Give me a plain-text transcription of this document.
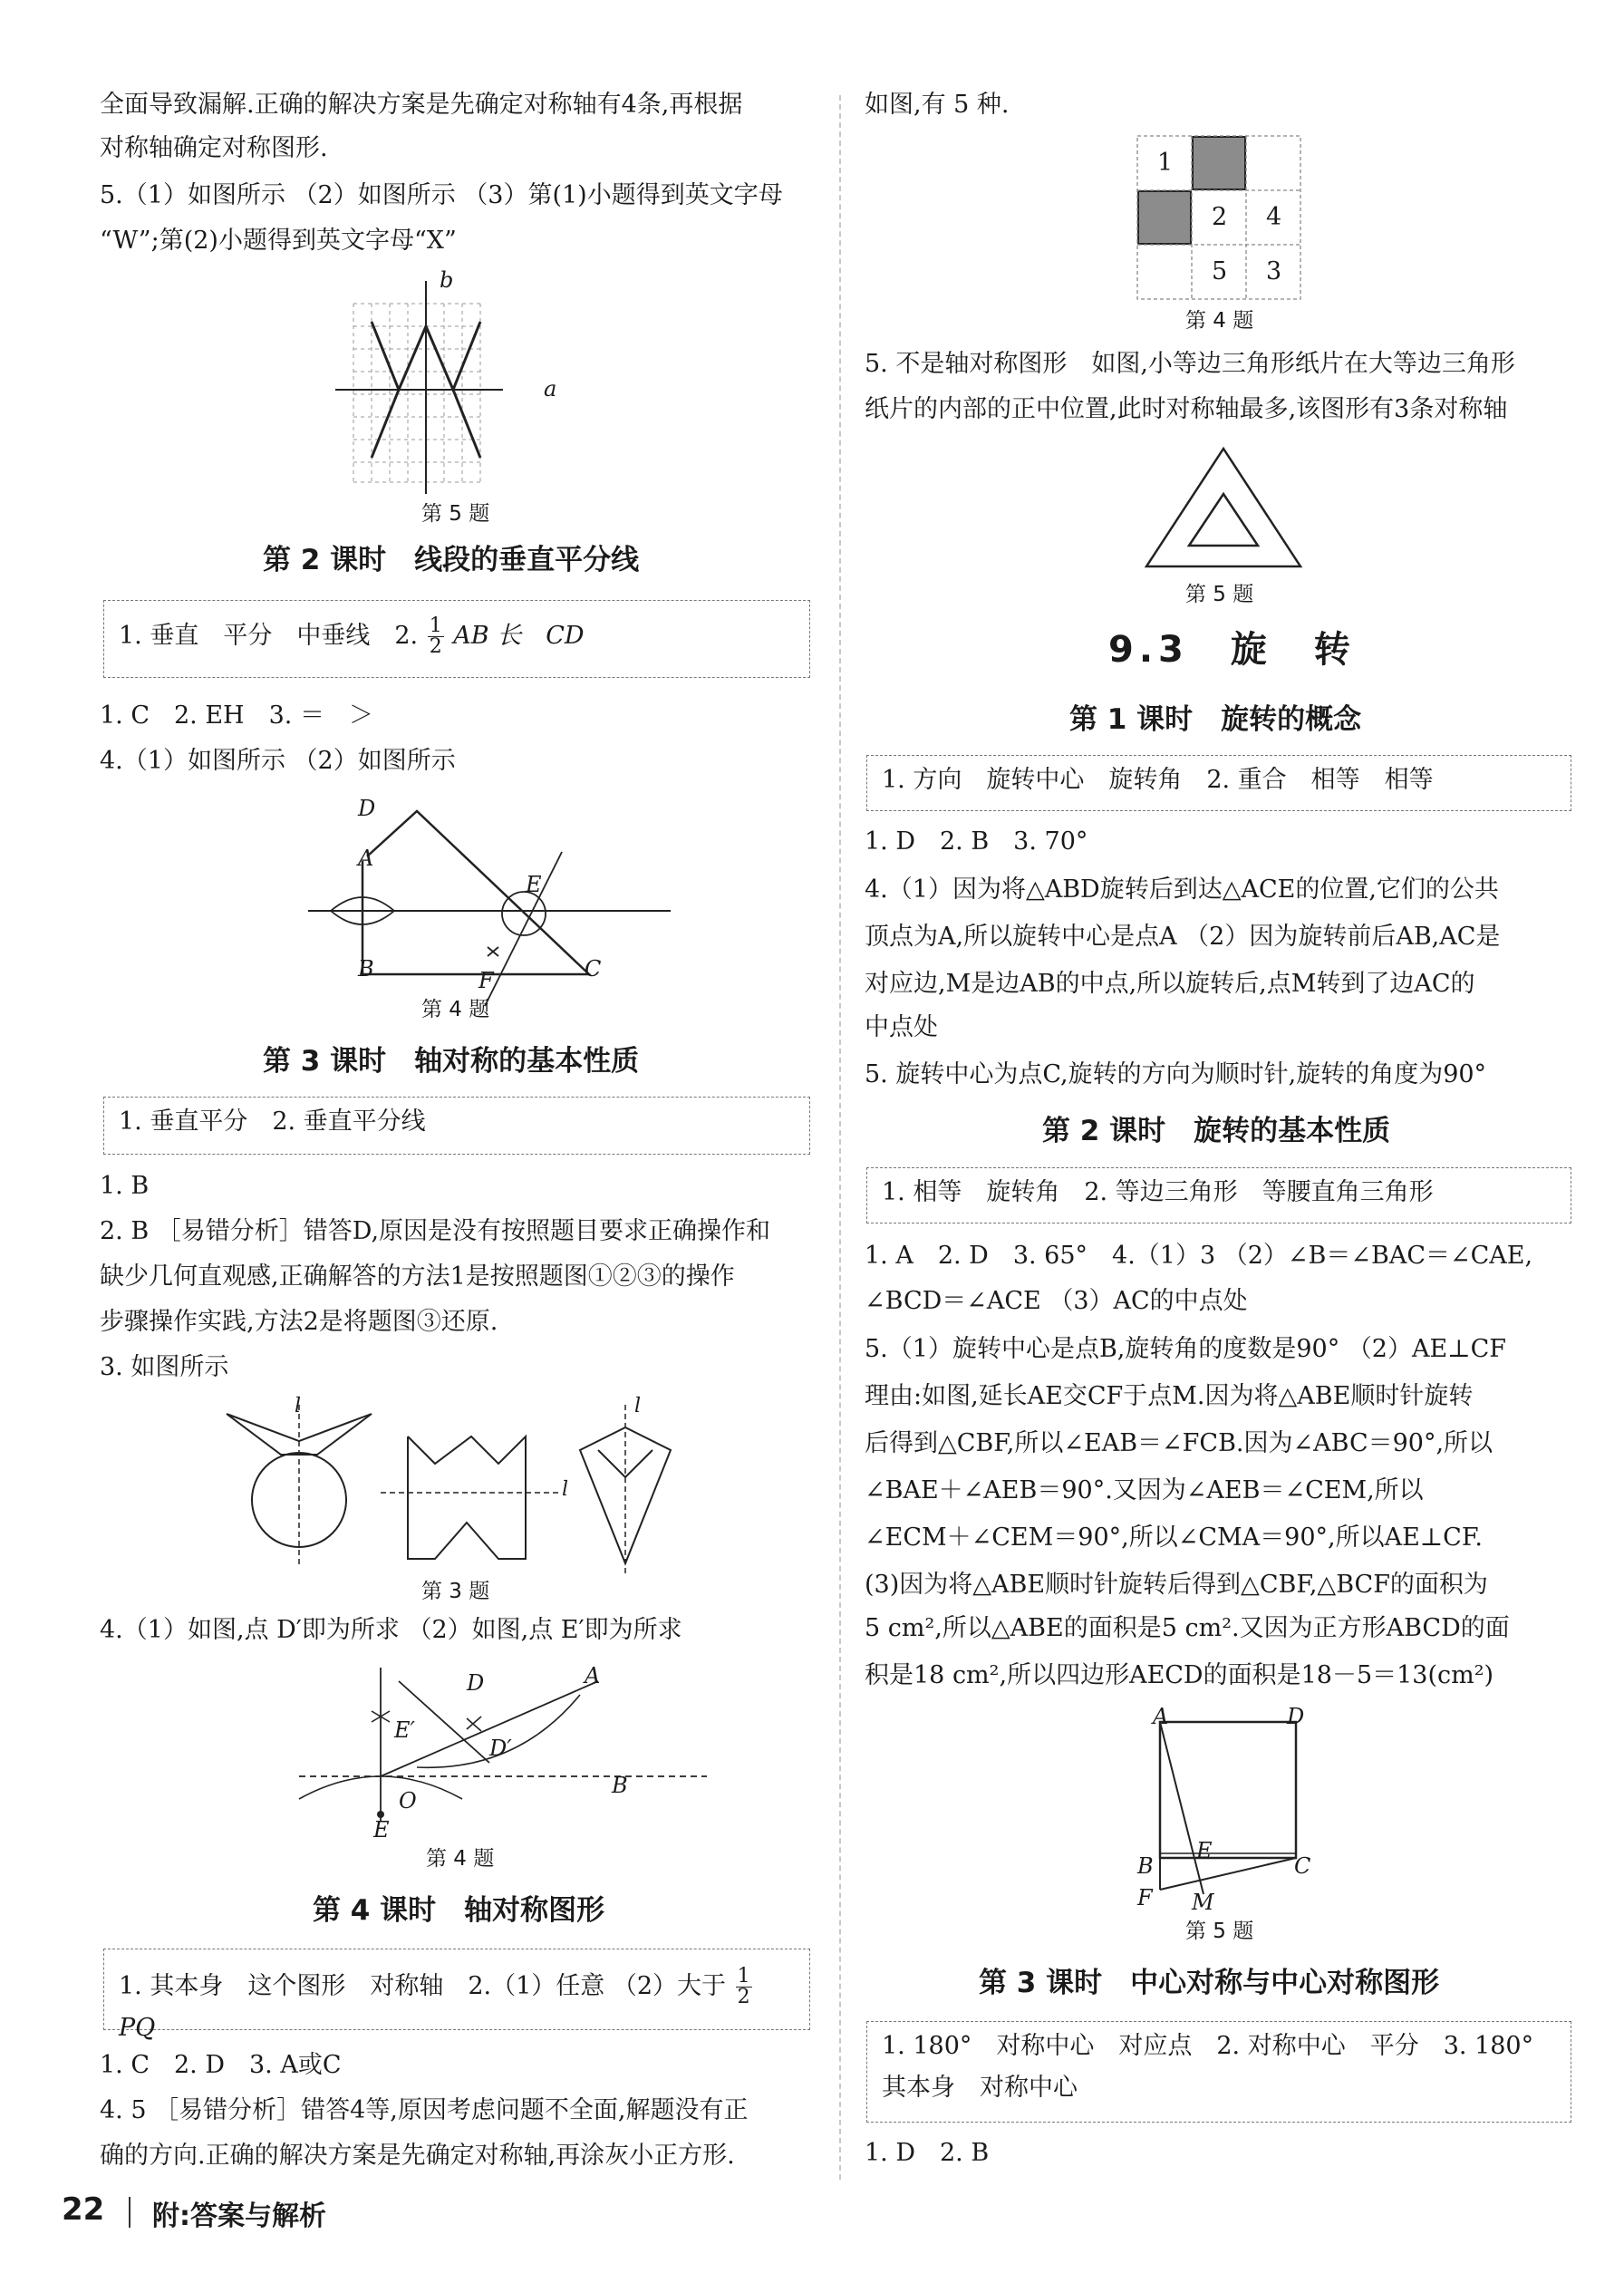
全面导致漏解.正确的解决方案是先确定对称轴有4条,再根据
对称轴确定对称图形.
5.（1）如图所示 （2）如图所示 （3）第(1)小题得到英文字母
“W”;第(2)小题得到英文字母“X”
b
a
第 5 题
第 2 课时　线段的垂直平分线
1. 垂直　平分　中垂线　2. $\frac{1}{2}$ AB 长　CD
1. C　2. EH　3. ＝　＞
4.（1）如图所示 （2）如图所示
D
A
E
B	F	C
第 4 题
第 3 课时　轴对称的基本性质
1. 垂直平分　2. 垂直平分线
1. B
2. B ［易错分析］错答D,原因是没有按照题目要求正确操作和
缺少几何直观感,正确解答的方法1是按照题图①②③的操作
步骤操作实践,方法2是将题图③还原.
3. 如图所示
l
l
l
第 3 题
4.（1）如图,点 D′即为所求 （2）如图,点 E′即为所求
D	A
E′
D′
B
O
E
第 4 题
第 4 课时　轴对称图形
1. 其本身　这个图形　对称轴　2.（1）任意 （2）大于 $\frac{1}{2}$
PQ
1. C　2. D　3. A或C
4. 5 ［易错分析］错答4等,原因考虑问题不全面,解题没有正
确的方向.正确的解决方案是先确定对称轴,再涂灰小正方形.
如图,有 5 种.
1
2 4
5 3
第 4 题
5. 不是轴对称图形　如图,小等边三角形纸片在大等边三角形
纸片的内部的正中位置,此时对称轴最多,该图形有3条对称轴
第 5 题
9.3　旋　转
第 1 课时　旋转的概念
1. 方向　旋转中心　旋转角　2. 重合　相等　相等
1. D　2. B　3. 70°
4.（1）因为将△ABD旋转后到达△ACE的位置,它们的公共
顶点为A,所以旋转中心是点A （2）因为旋转前后AB,AC是
对应边,M是边AB的中点,所以旋转后,点M转到了边AC的
中点处
5. 旋转中心为点C,旋转的方向为顺时针,旋转的角度为90°
第 2 课时　旋转的基本性质
1. 相等　旋转角　2. 等边三角形　等腰直角三角形
1. A　2. D　3. 65°　4.（1）3 （2）∠B＝∠BAC＝∠CAE,
∠BCD＝∠ACE （3）AC的中点处
5.（1）旋转中心是点B,旋转角的度数是90° （2）AE⊥CF
理由:如图,延长AE交CF于点M.因为将△ABE顺时针旋转
后得到△CBF,所以∠EAB＝∠FCB.因为∠ABC＝90°,所以
∠BAE＋∠AEB＝90°.又因为∠AEB＝∠CEM,所以
∠ECM＋∠CEM＝90°,所以∠CMA＝90°,所以AE⊥CF.
(3)因为将△ABE顺时针旋转后得到△CBF,△BCF的面积为
5 cm²,所以△ABE的面积是5 cm².又因为正方形ABCD的面
积是18 cm²,所以四边形AECD的面积是18－5＝13(cm²)
A	D
B
E
C
F M
第 5 题
第 3 课时　中心对称与中心对称图形
1. 180°　对称中心　对应点　2. 对称中心　平分　3. 180°
其本身　对称中心
1. D　2. B
22 附:答案与解析
